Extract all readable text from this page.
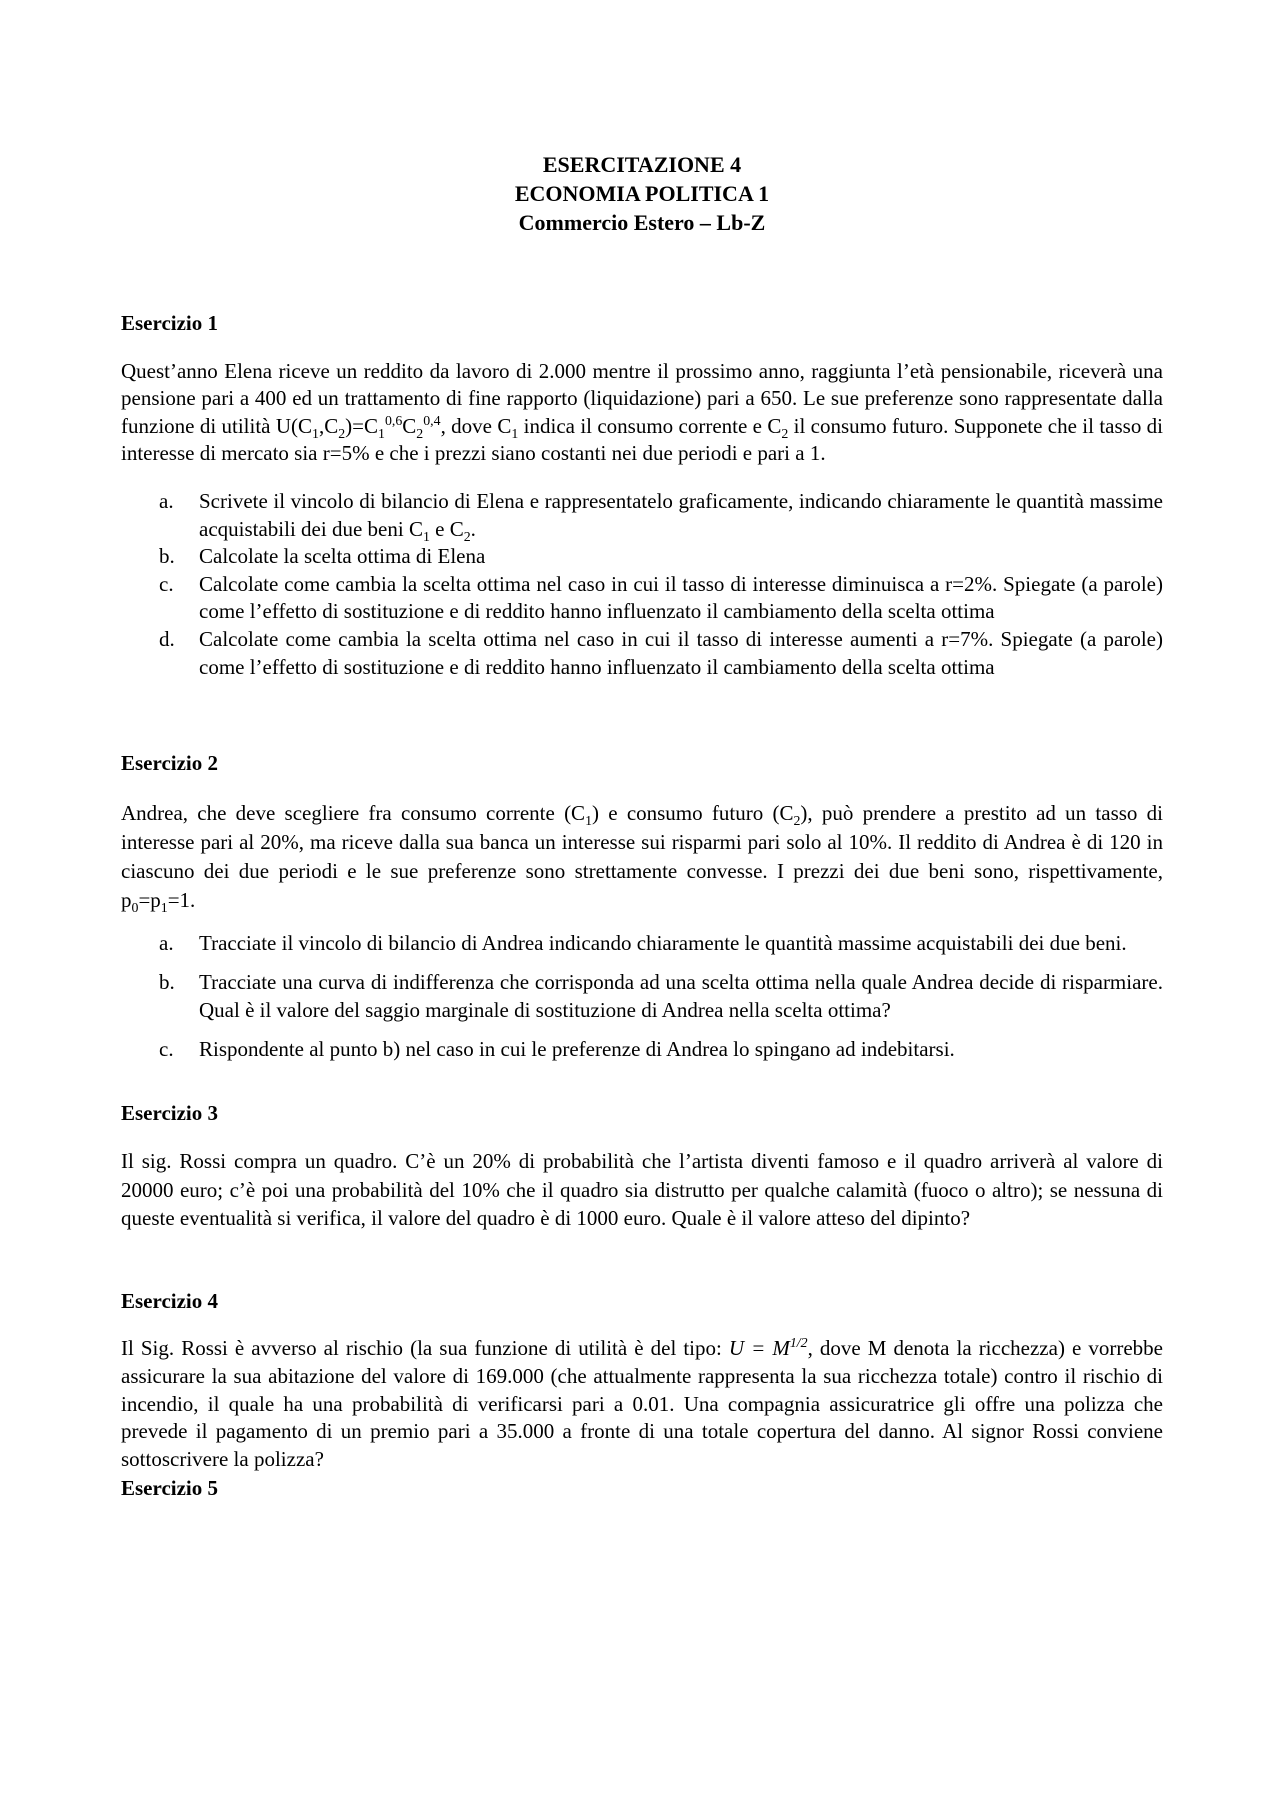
ESERCITAZIONE 4
ECONOMIA POLITICA 1
Commercio Estero – Lb-Z

Esercizio 1

Quest’anno Elena riceve un reddito da lavoro di 2.000 mentre il prossimo anno, raggiunta l’età pensionabile, riceverà una pensione pari a 400 ed un trattamento di fine rapporto (liquidazione) pari a 650. Le sue preferenze sono rappresentate dalla funzione di utilità $U(C_1,C_2)=C_1^{0,6}C_2^{0,4}$, dove $C_1$ indica il consumo corrente e $C_2$ il consumo futuro. Supponete che il tasso di interesse di mercato sia r=5% e che i prezzi siano costanti nei due periodi e pari a 1.

a. Scrivete il vincolo di bilancio di Elena e rappresentatelo graficamente, indicando chiaramente le quantità massime acquistabili dei due beni $C_1$ e $C_2$.
b. Calcolate la scelta ottima di Elena
c. Calcolate come cambia la scelta ottima nel caso in cui il tasso di interesse diminuisca a r=2%. Spiegate (a parole) come l’effetto di sostituzione e di reddito hanno influenzato il cambiamento della scelta ottima
d. Calcolate come cambia la scelta ottima nel caso in cui il tasso di interesse aumenti a r=7%. Spiegate (a parole) come l’effetto di sostituzione e di reddito hanno influenzato il cambiamento della scelta ottima

Esercizio 2

Andrea, che deve scegliere fra consumo corrente $(C_1)$ e consumo futuro $(C_2)$, può prendere a prestito ad un tasso di interesse pari al 20%, ma riceve dalla sua banca un interesse sui risparmi pari solo al 10%. Il reddito di Andrea è di 120 in ciascuno dei due periodi e le sue preferenze sono strettamente convesse. I prezzi dei due beni sono, rispettivamente, $p_0=p_1=1$.

a. Tracciate il vincolo di bilancio di Andrea indicando chiaramente le quantità massime acquistabili dei due beni.
b. Tracciate una curva di indifferenza che corrisponda ad una scelta ottima nella quale Andrea decide di risparmiare. Qual è il valore del saggio marginale di sostituzione di Andrea nella scelta ottima?
c. Rispondente al punto b) nel caso in cui le preferenze di Andrea lo spingano ad indebitarsi.

Esercizio 3

Il sig. Rossi compra un quadro. C’è un 20% di probabilità che l’artista diventi famoso e il quadro arriverà al valore di 20000 euro; c’è poi una probabilità del 10% che il quadro sia distrutto per qualche calamità (fuoco o altro); se nessuna di queste eventualità si verifica, il valore del quadro è di 1000 euro. Quale è il valore atteso del dipinto?

Esercizio 4

Il Sig. Rossi è avverso al rischio (la sua funzione di utilità è del tipo: $U = M^{1/2}$, dove M denota la ricchezza) e vorrebbe assicurare la sua abitazione del valore di 169.000 (che attualmente rappresenta la sua ricchezza totale) contro il rischio di incendio, il quale ha una probabilità di verificarsi pari a 0.01. Una compagnia assicuratrice gli offre una polizza che prevede il pagamento di un premio pari a 35.000 a fronte di una totale copertura del danno. Al signor Rossi conviene sottoscrivere la polizza?

Esercizio 5
